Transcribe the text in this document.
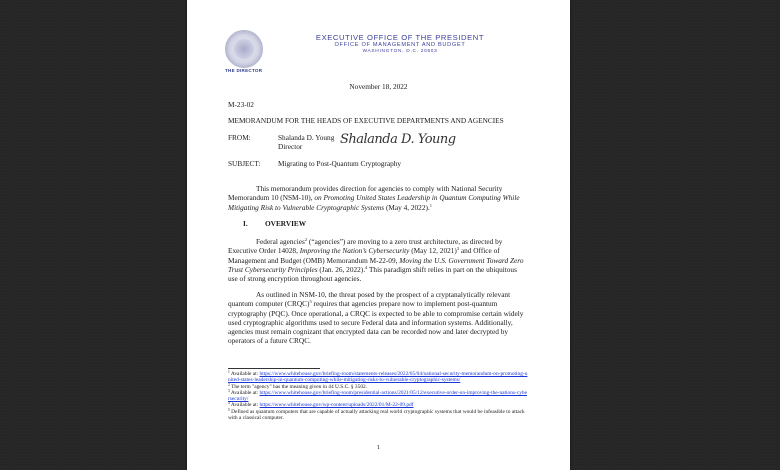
THE DIRECTOR
EXECUTIVE OFFICE OF THE PRESIDENT
OFFICE OF MANAGEMENT AND BUDGET
WASHINGTON, D.C. 20503
November 18, 2022
M-23-02
MEMORANDUM FOR THE HEADS OF EXECUTIVE DEPARTMENTS AND AGENCIES
FROM:	Shalanda D. Young
Director	Shalanda D. Young
SUBJECT: Migrating to Post-Quantum Cryptography
This memorandum provides direction for agencies to comply with National Security Memorandum 10 (NSM-10), on Promoting United States Leadership in Quantum Computing While Mitigating Risk to Vulnerable Cryptographic Systems (May 4, 2022).$^1$
I. OVERVIEW
Federal agencies$^2$ (“agencies”) are moving to a zero trust architecture, as directed by Executive Order 14028, Improving the Nation’s Cybersecurity (May 12, 2021)$^3$ and Office of Management and Budget (OMB) Memorandum M-22-09, Moving the U.S. Government Toward Zero Trust Cybersecurity Principles (Jan. 26, 2022).$^4$ This paradigm shift relies in part on the ubiquitous use of strong encryption throughout agencies.
As outlined in NSM-10, the threat posed by the prospect of a cryptanalytically relevant quantum computer (CRQC)$^5$ requires that agencies prepare now to implement post-quantum cryptography (PQC). Once operational, a CRQC is expected to be able to compromise certain widely used cryptographic algorithms used to secure Federal data and information systems. Additionally, agencies must remain cognizant that encrypted data can be recorded now and later decrypted by operators of a future CRQC.

$^1$ Available at: https://www.whitehouse.gov/briefing-room/statements-releases/2022/05/04/national-security-memorandum-on-promoting-united-states-leadership-in-quantum-computing-while-mitigating-risks-to-vulnerable-cryptographic-systems/

$^2$ The term "agency" has the meaning given in 44 U.S.C. § 3502.

$^3$ Available at: https://www.whitehouse.gov/briefing-room/presidential-actions/2021/05/12/executive-order-on-improving-the-nations-cybersecurity/

$^4$ Available at: https://www.whitehouse.gov/wp-content/uploads/2022/01/M-22-09.pdf

$^5$ Defined as quantum computers that are capable of actually attacking real world cryptographic systems that would be infeasible to attack with a classical computer.

1
